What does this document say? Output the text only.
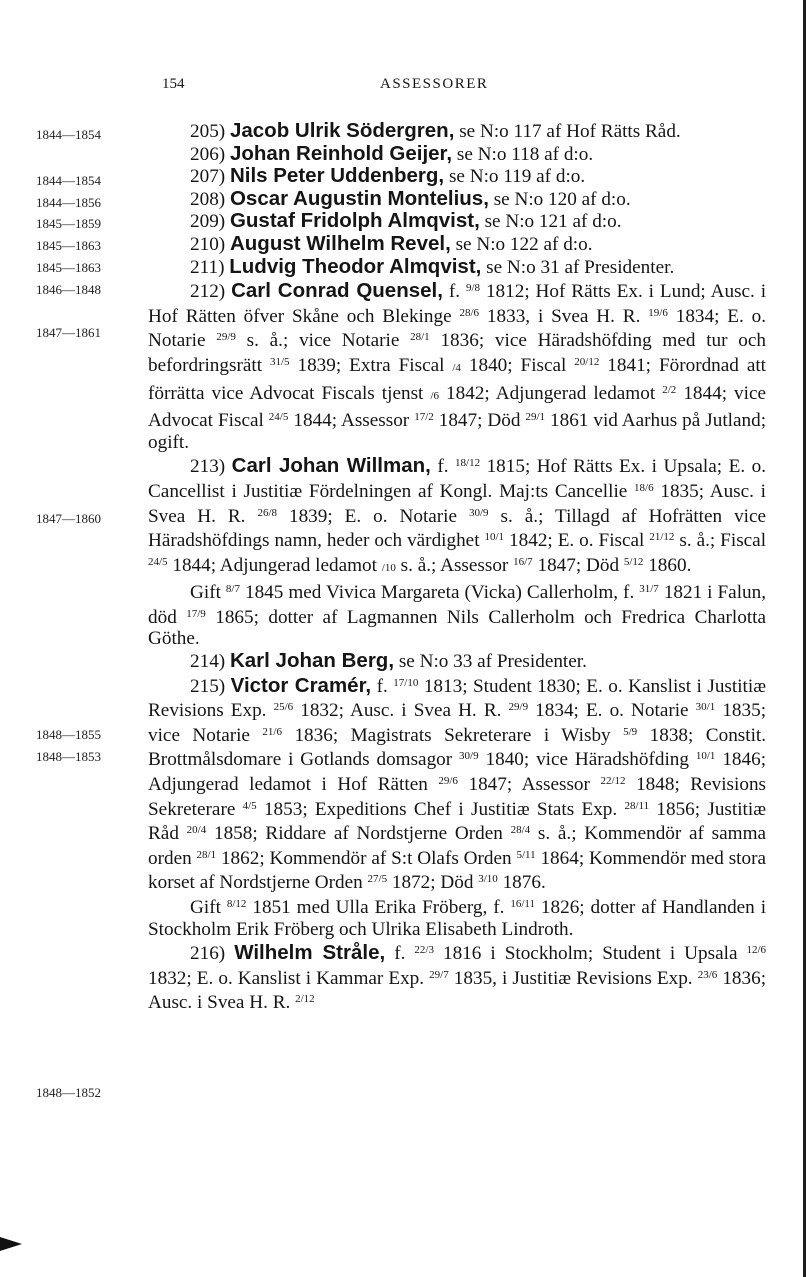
154	ASSESSORER
1844—1854
1844—1854
1844—1856
1845—1859
1845—1863
1845—1863
1846—1848
1847—1861
1847—1860
1848—1855
1848—1853
1848—1852
205) Jacob Ulrik Södergren, se N:o 117 af Hof Rätts Råd.
206) Johan Reinhold Geijer, se N:o 118 af d:o.
207) Nils Peter Uddenberg, se N:o 119 af d:o.
208) Oscar Augustin Montelius, se N:o 120 af d:o.
209) Gustaf Fridolph Almqvist, se N:o 121 af d:o.
210) August Wilhelm Revel, se N:o 122 af d:o.
211) Ludvig Theodor Almqvist, se N:o 31 af Presidenter.
212) Carl Conrad Quensel, f. $^{9/8}$ 1812; Hof Rätts Ex. i Lund; Ausc. i Hof Rätten öfver Skåne och Blekinge $^{28/6}$ 1833, i Svea H. R. $^{19/6}$ 1834; E. o. Notarie $^{29/9}$ s. å.; vice Notarie $^{28/1}$ 1836; vice Häradshöfding med tur och befordringsrätt $^{31/5}$ 1839; Extra Fiscal /4 1840; Fiscal $^{20/12}$ 1841; Förordnad att förrätta vice Advocat Fiscals tjenst /6 1842; Adjungerad ledamot $^{2/2}$ 1844; vice Advocat Fiscal $^{24/5}$ 1844; Assessor $^{17/2}$ 1847; Död $^{29/1}$ 1861 vid Aarhus på Jutland; ogift.
213) Carl Johan Willman, f. $^{18/12}$ 1815; Hof Rätts Ex. i Upsala; E. o. Cancellist i Justitiæ Fördelningen af Kongl. Maj:ts Cancellie $^{18/6}$ 1835; Ausc. i Svea H. R. $^{26/8}$ 1839; E. o. Notarie $^{30/9}$ s. å.; Tillagd af Hofrätten vice Häradshöfdings namn, heder och värdighet $^{10/1}$ 1842; E. o. Fiscal $^{21/12}$ s. å.; Fiscal $^{24/5}$ 1844; Adjungerad ledamot /10 s. å.; Assessor $^{16/7}$ 1847; Död $^{5/12}$ 1860.
Gift $^{8/7}$ 1845 med Vivica Margareta (Vicka) Callerholm, f. $^{31/7}$ 1821 i Falun, död $^{17/9}$ 1865; dotter af Lagmannen Nils Callerholm och Fredrica Charlotta Göthe.
214) Karl Johan Berg, se N:o 33 af Presidenter.
215) Victor Cramér, f. $^{17/10}$ 1813; Student 1830; E. o. Kanslist i Justitiæ Revisions Exp. $^{25/6}$ 1832; Ausc. i Svea H. R. $^{29/9}$ 1834; E. o. Notarie $^{30/1}$ 1835; vice Notarie $^{21/6}$ 1836; Magistrats Sekreterare i Wisby $^{5/9}$ 1838; Constit. Brottmålsdomare i Gotlands domsagor $^{30/9}$ 1840; vice Häradshöfding $^{10/1}$ 1846; Adjungerad ledamot i Hof Rätten $^{29/6}$ 1847; Assessor $^{22/12}$ 1848; Revisions Sekreterare $^{4/5}$ 1853; Expeditions Chef i Justitiæ Stats Exp. $^{28/11}$ 1856; Justitiæ Råd $^{20/4}$ 1858; Riddare af Nordstjerne Orden $^{28/4}$ s. å.; Kommendör af samma orden $^{28/1}$ 1862; Kommendör af S:t Olafs Orden $^{5/11}$ 1864; Kommendör med stora korset af Nordstjerne Orden $^{27/5}$ 1872; Död $^{3/10}$ 1876.
Gift $^{8/12}$ 1851 med Ulla Erika Fröberg, f. $^{16/11}$ 1826; dotter af Handlanden i Stockholm Erik Fröberg och Ulrika Elisabeth Lindroth.
216) Wilhelm Stråle, f. $^{22/3}$ 1816 i Stockholm; Student i Upsala $^{12/6}$ 1832; E. o. Kanslist i Kammar Exp. $^{29/7}$ 1835, i Justitiæ Revisions Exp. $^{23/6}$ 1836; Ausc. i Svea H. R. $^{2/12}$
